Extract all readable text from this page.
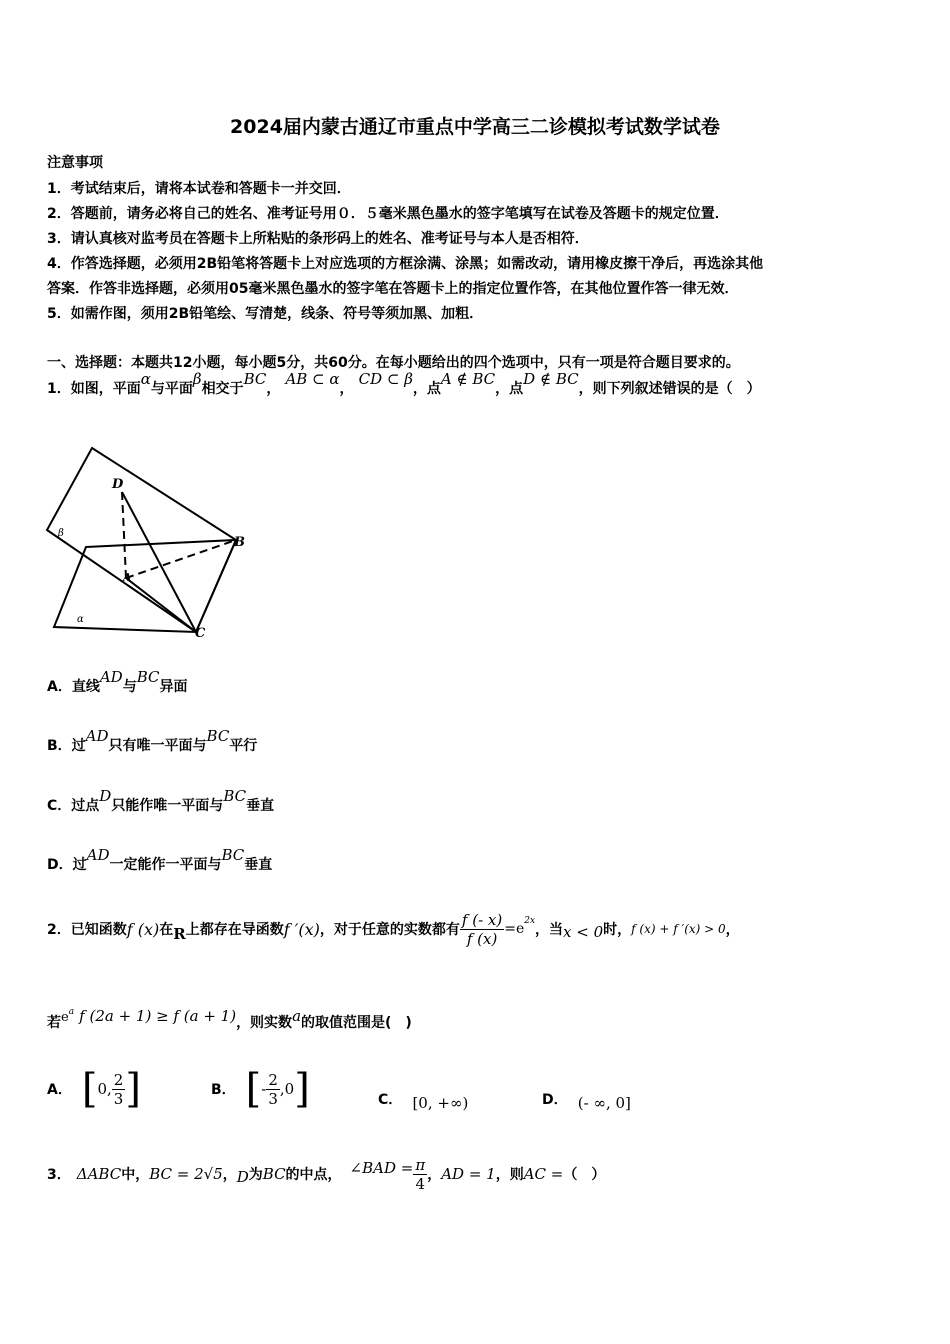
2024届内蒙古通辽市重点中学高三二诊模拟考试数学试卷
注意事项
1．考试结束后，请将本试卷和答题卡一并交回．
2．答题前，请务必将自己的姓名、准考证号用０．５毫米黑色墨水的签字笔填写在试卷及答题卡的规定位置．
3．请认真核对监考员在答题卡上所粘贴的条形码上的姓名、准考证号与本人是否相符．
4．作答选择题，必须用2B铅笔将答题卡上对应选项的方框涂满、涂黑；如需改动，请用橡皮擦干净后，再选涂其他
答案．作答非选择题，必须用05毫米黑色墨水的签字笔在答题卡上的指定位置作答，在其他位置作答一律无效．
5．如需作图，须用2B铅笔绘、写清楚，线条、符号等须加黑、加粗．
一、选择题：本题共12小题，每小题5分，共60分。在每小题给出的四个选项中，只有一项是符合题目要求的。
1．如图，平面α与平面β相交于BC， AB ⊂ α， CD ⊂ β，点A ∉ BC，点D ∉ BC，则下列叙述错误的是（　）
D
B
A
C
β
α
A．直线AD与BC异面
B．过AD只有唯一平面与BC平行
C．过点D只能作唯一平面与BC垂直
D．过AD一定能作一平面与BC垂直
2．已知函数 f (x) 在 R 上都存在导函数 f ′(x) ，对于任意的实数都有 $\frac{f (- x)}{f (x)} =e$ 2x
，当 x < 0 时， f (x) + f ′(x) > 0 ，
若$e^a$ f (2a + 1) ≥ f (a + 1)，则实数a的取值范围是(　)
A． [ 0, $\frac{2}{3}$ ]	B． [ - $\frac{2}{3} ,0$ ]	C． [0, +∞)	D． (- ∞, 0]
3． ΔABC 中， BC = 2√5 ， D 为 BC 的中点， ∠BAD = $\frac{\pi}{4}$ ， AD = 1 ，则 AC = （　）
